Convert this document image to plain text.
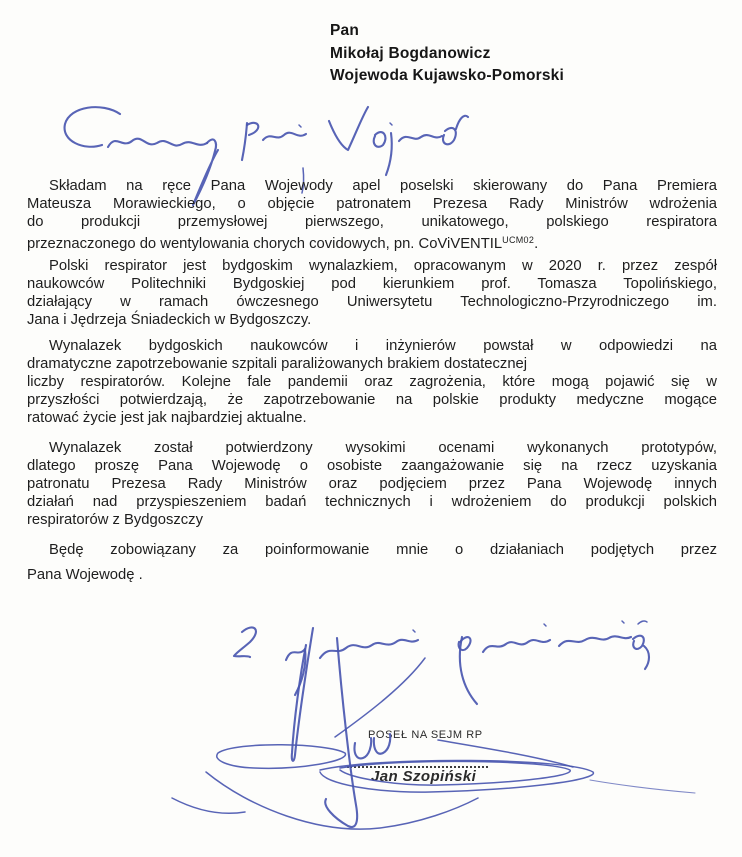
Pan
Mikołaj Bogdanowicz
Wojewoda Kujawsko-Pomorski
Składam na ręce Pana Wojewody apel poselski skierowany do Pana Premiera
Mateusza Morawieckiego, o objęcie patronatem Prezesa Rady Ministrów wdrożenia
do produkcji przemysłowej pierwszego, unikatowego, polskiego respiratora
przeznaczonego do wentylowania chorych covidowych, pn. CoViVENTIL$^{UCM02}$.
Polski respirator jest bydgoskim wynalazkiem, opracowanym w 2020 r. przez zespół
naukowców Politechniki Bydgoskiej pod kierunkiem prof. Tomasza Topolińskiego,
działający w ramach ówczesnego Uniwersytetu Technologiczno-Przyrodniczego im.
Jana i Jędrzeja Śniadeckich w Bydgoszczy.
Wynalazek bydgoskich naukowców i inżynierów powstał w odpowiedzi na
dramatyczne zapotrzebowanie szpitali paraliżowanych brakiem dostatecznej
liczby respiratorów. Kolejne fale pandemii oraz zagrożenia, które mogą pojawić się w
przyszłości potwierdzają, że zapotrzebowanie na polskie produkty medyczne mogące
ratować życie jest jak najbardziej aktualne.
Wynalazek został potwierdzony wysokimi ocenami wykonanych prototypów,
dlatego proszę Pana Wojewodę o osobiste zaangażowanie się na rzecz uzyskania
patronatu Prezesa Rady Ministrów oraz podjęciem przez Pana Wojewodę innych
działań nad przyspieszeniem badań technicznych i wdrożeniem do produkcji polskich
respiratorów z Bydgoszczy
Będę zobowiązany za poinformowanie mnie o działaniach podjętych przez
Pana Wojewodę .
POSEŁ NA SEJM RP
Jan Szopiński
